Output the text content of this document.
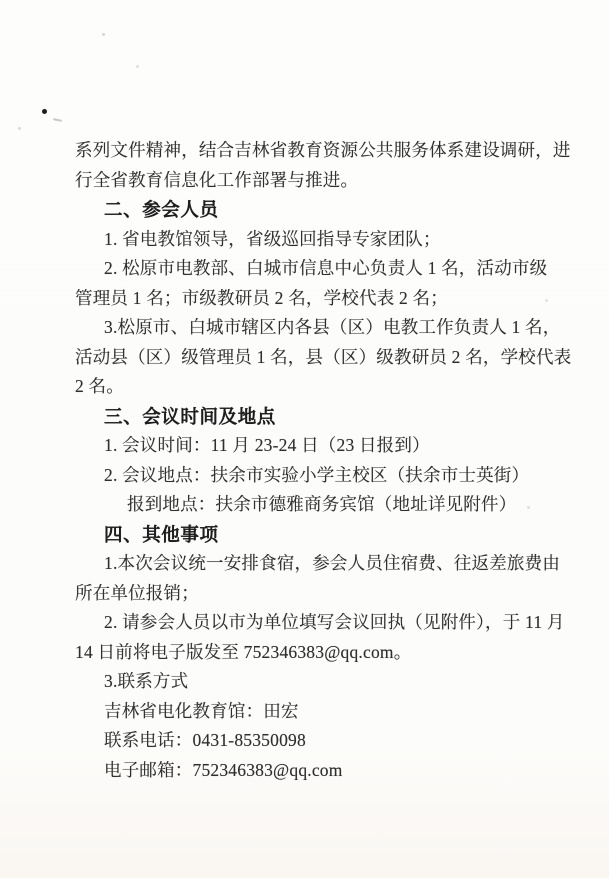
系列文件精神，结合吉林省教育资源公共服务体系建设调研，进
行全省教育信息化工作部署与推进。
二、参会人员
1. 省电教馆领导，省级巡回指导专家团队；
2. 松原市电教部、白城市信息中心负责人 1 名，活动市级
管理员 1 名；市级教研员 2 名，学校代表 2 名；
3.松原市、白城市辖区内各县（区）电教工作负责人 1 名，
活动县（区）级管理员 1 名，县（区）级教研员 2 名，学校代表
2 名。
三、会议时间及地点
1. 会议时间：11 月 23-24 日（23 日报到）
2. 会议地点：扶余市实验小学主校区（扶余市士英街）
报到地点：扶余市德雅商务宾馆（地址详见附件）
四、其他事项
1.本次会议统一安排食宿，参会人员住宿费、往返差旅费由
所在单位报销；
2. 请参会人员以市为单位填写会议回执（见附件），于 11 月
14 日前将电子版发至 752346383@qq.com。
3.联系方式
吉林省电化教育馆：田宏
联系电话：0431-85350098
电子邮箱：752346383@qq.com
